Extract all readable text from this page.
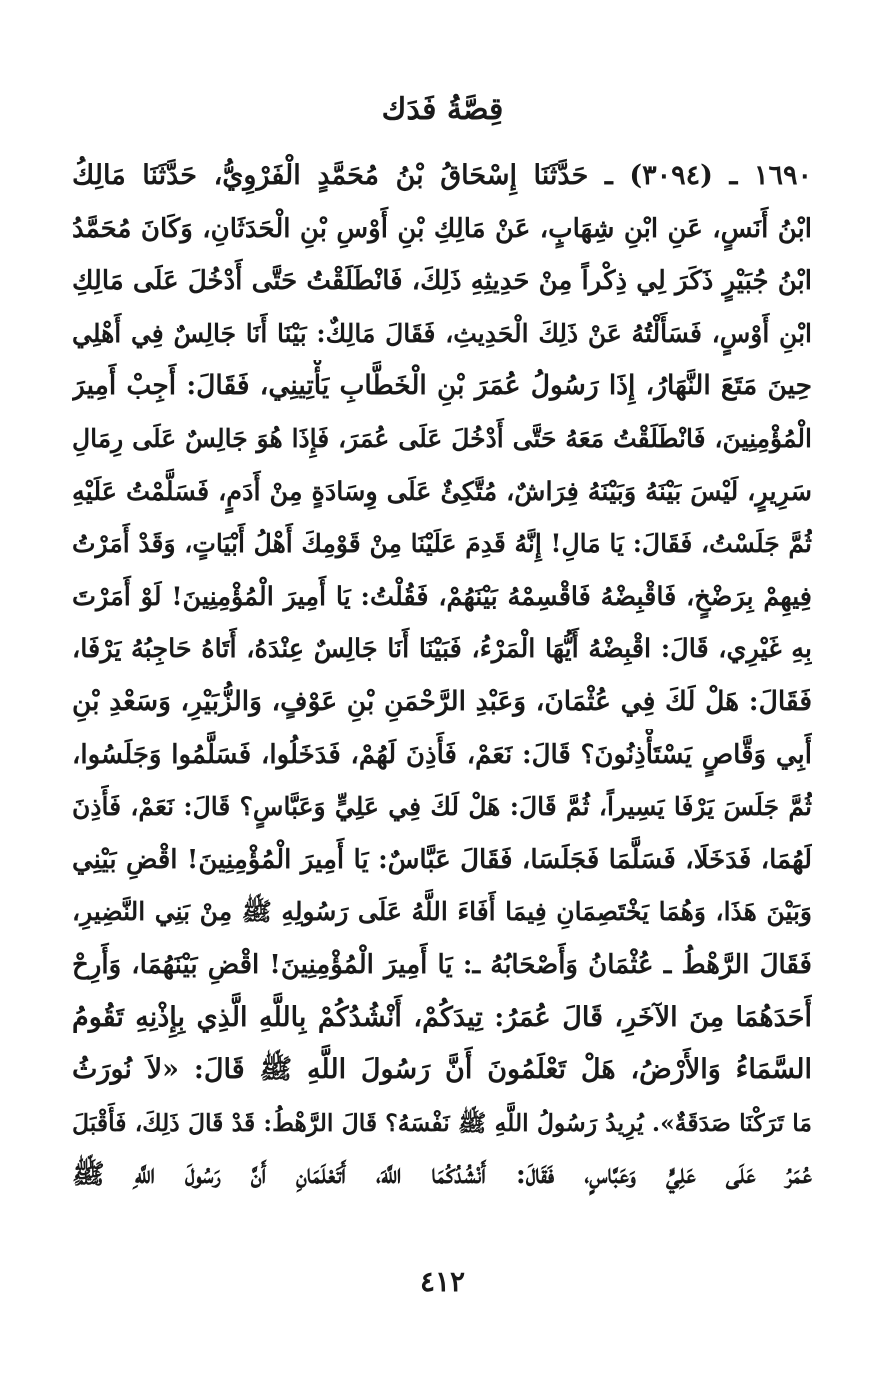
قِصَّةُ فَدَك
١٦٩٠ ـ (٣٠٩٤) ـ حَدَّثَنَا إِسْحَاقُ بْنُ مُحَمَّدٍ الْفَرْوِيُّ، حَدَّثَنَا مَالِكُ
ابْنُ أَنَسٍ، عَنِ ابْنِ شِهَابٍ، عَنْ مَالِكِ بْنِ أَوْسِ بْنِ الْحَدَثَانِ، وَكَانَ مُحَمَّدُ
ابْنُ جُبَيْرٍ ذَكَرَ لِي ذِكْراً مِنْ حَدِيثِهِ ذَلِكَ، فَانْطَلَقْتُ حَتَّى أَدْخُلَ عَلَى مَالِكِ
ابْنِ أَوْسٍ، فَسَأَلْتُهُ عَنْ ذَلِكَ الْحَدِيثِ، فَقَالَ مَالِكٌ: بَيْنَا أَنَا جَالِسٌ فِي أَهْلِي
حِينَ مَتَعَ النَّهَارُ، إِذَا رَسُولُ عُمَرَ بْنِ الْخَطَّابِ يَأْتِينِي، فَقَالَ: أَجِبْ أَمِيرَ
الْمُؤْمِنِينَ، فَانْطَلَقْتُ مَعَهُ حَتَّى أَدْخُلَ عَلَى عُمَرَ، فَإِذَا هُوَ جَالِسٌ عَلَى رِمَالِ
سَرِيرٍ، لَيْسَ بَيْنَهُ وَبَيْنَهُ فِرَاشٌ، مُتَّكِئٌ عَلَى وِسَادَةٍ مِنْ أَدَمٍ، فَسَلَّمْتُ عَلَيْهِ
ثُمَّ جَلَسْتُ، فَقَالَ: يَا مَالِ! إِنَّهُ قَدِمَ عَلَيْنَا مِنْ قَوْمِكَ أَهْلُ أَبْيَاتٍ، وَقَدْ أَمَرْتُ
فِيهِمْ بِرَضْخٍ، فَاقْبِضْهُ فَاقْسِمْهُ بَيْنَهُمْ، فَقُلْتُ: يَا أَمِيرَ الْمُؤْمِنِينَ! لَوْ أَمَرْتَ
بِهِ غَيْرِي، قَالَ: اقْبِضْهُ أَيُّهَا الْمَرْءُ، فَبَيْنَا أَنَا جَالِسٌ عِنْدَهُ، أَتَاهُ حَاجِبُهُ يَرْفَا،
فَقَالَ: هَلْ لَكَ فِي عُثْمَانَ، وَعَبْدِ الرَّحْمَنِ بْنِ عَوْفٍ، وَالزُّبَيْرِ، وَسَعْدِ بْنِ
أَبِي وَقَّاصٍ يَسْتَأْذِنُونَ؟ قَالَ: نَعَمْ، فَأَذِنَ لَهُمْ، فَدَخَلُوا، فَسَلَّمُوا وَجَلَسُوا،
ثُمَّ جَلَسَ يَرْفَا يَسِيراً، ثُمَّ قَالَ: هَلْ لَكَ فِي عَلِيٍّ وَعَبَّاسٍ؟ قَالَ: نَعَمْ، فَأَذِنَ
لَهُمَا، فَدَخَلَا، فَسَلَّمَا فَجَلَسَا، فَقَالَ عَبَّاسٌ: يَا أَمِيرَ الْمُؤْمِنِينَ! اقْضِ بَيْنِي
وَبَيْنَ هَذَا، وَهُمَا يَخْتَصِمَانِ فِيمَا أَفَاءَ اللَّهُ عَلَى رَسُولِهِ ﷺ مِنْ بَنِي النَّضِيرِ،
فَقَالَ الرَّهْطُ ـ عُثْمَانُ وَأَصْحَابُهُ ـ: يَا أَمِيرَ الْمُؤْمِنِينَ! اقْضِ بَيْنَهُمَا، وَأَرِحْ
أَحَدَهُمَا مِنَ الآخَرِ، قَالَ عُمَرُ: تِيدَكُمْ، أَنْشُدُكُمْ بِاللَّهِ الَّذِي بِإِذْنِهِ تَقُومُ
السَّمَاءُ وَالأَرْضُ، هَلْ تَعْلَمُونَ أَنَّ رَسُولَ اللَّهِ ﷺ قَالَ: «لاَ نُورَثُ
مَا تَرَكْنَا صَدَقَةٌ». يُرِيدُ رَسُولُ اللَّهِ ﷺ نَفْسَهُ؟ قَالَ الرَّهْطُ: قَدْ قَالَ ذَلِكَ، فَأَقْبَلَ
عُمَرُ عَلَى عَلِيٍّ وَعَبَّاسٍ، فَقَالَ: أَنْشُدُكُمَا اللَّهَ، أَتَعْلَمَانِ أَنَّ رَسُولَ اللَّهِ ﷺ
٤١٢
